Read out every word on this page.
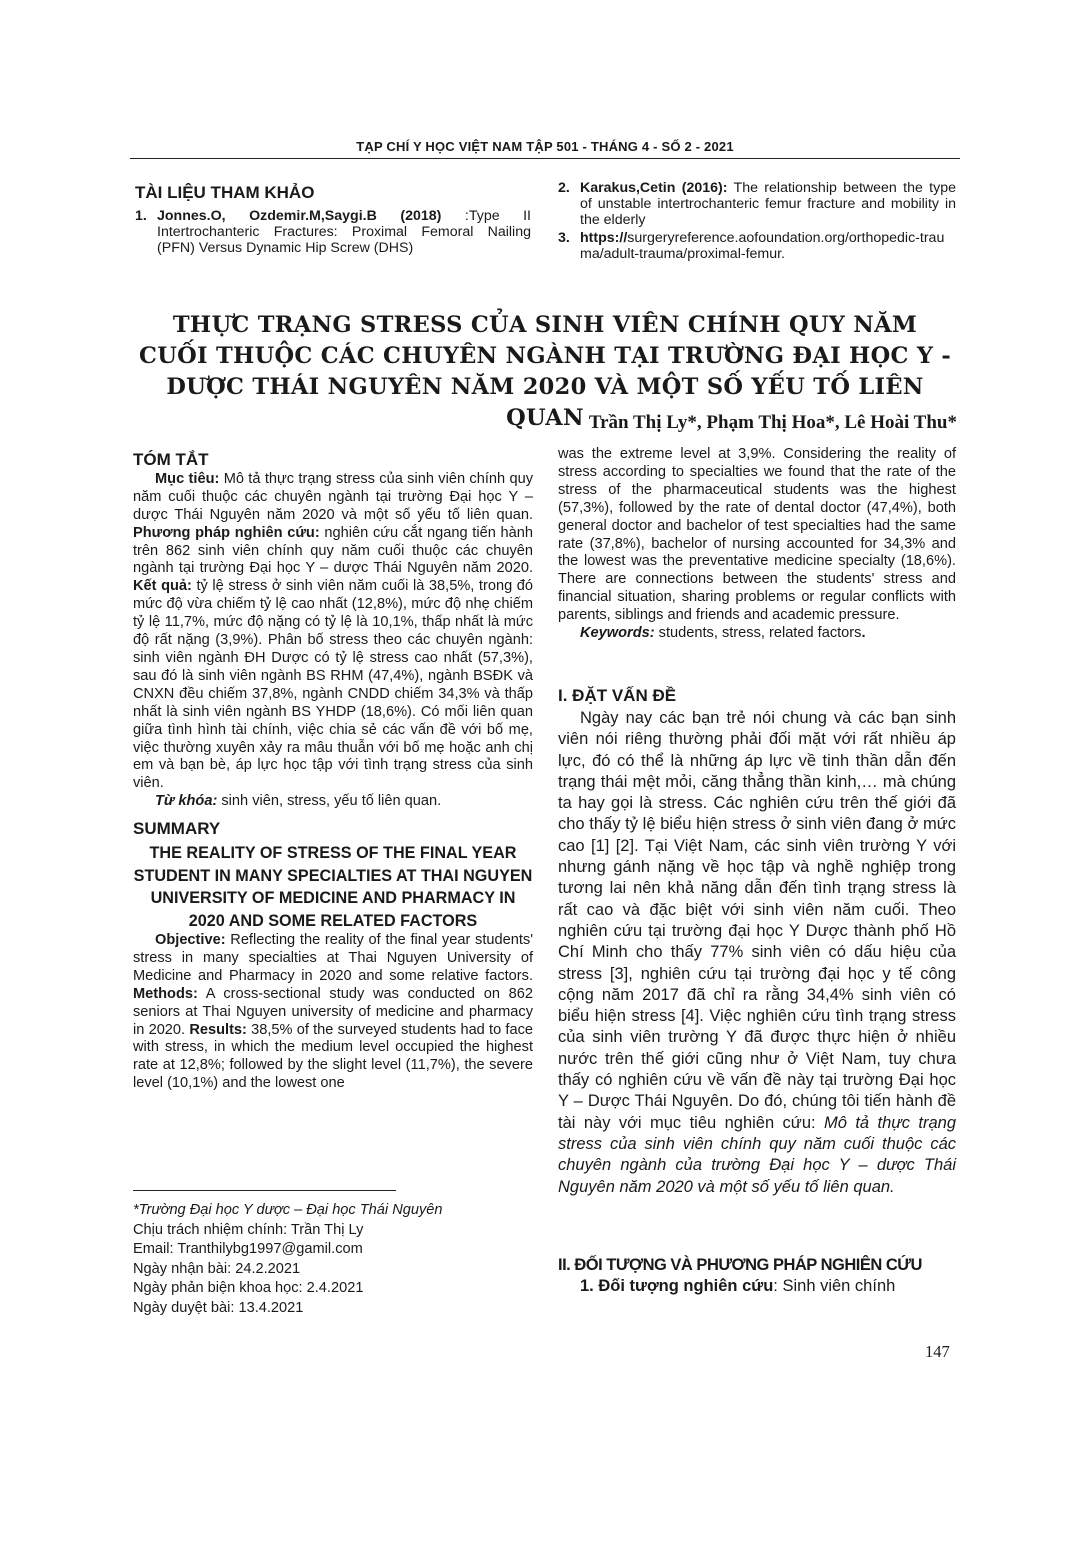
TẠP CHÍ Y HỌC VIỆT NAM TẬP 501 - THÁNG 4 - SỐ 2 - 2021
TÀI LIỆU THAM KHẢO
1. Jonnes.O, Ozdemir.M,Saygi.B (2018) :Type II Intertrochanteric Fractures: Proximal Femoral Nailing (PFN) Versus Dynamic Hip Screw (DHS)
2. Karakus,Cetin (2016): The relationship between the type of unstable intertrochanteric femur fracture and mobility in the elderly
3. https://surgeryreference.aofoundation.org/orthopedic-trauma/adult-trauma/proximal-femur.
THỰC TRẠNG STRESS CỦA SINH VIÊN CHÍNH QUY NĂM CUỐI THUỘC CÁC CHUYÊN NGÀNH TẠI TRƯỜNG ĐẠI HỌC Y - DƯỢC THÁI NGUYÊN NĂM 2020 VÀ MỘT SỐ YẾU TỐ LIÊN QUAN Trần Thị Ly*, Phạm Thị Hoa*, Lê Hoài Thu*
TÓM TẮT

Mục tiêu: Mô tả thực trạng stress của sinh viên chính quy năm cuối thuộc các chuyên ngành tại trường Đại học Y – dược Thái Nguyên năm 2020 và một số yếu tố liên quan. Phương pháp nghiên cứu: nghiên cứu cắt ngang tiến hành trên 862 sinh viên chính quy năm cuối thuộc các chuyên ngành tại trường Đại học Y – dược Thái Nguyên năm 2020. Kết quả: tỷ lệ stress ở sinh viên năm cuối là 38,5%, trong đó mức độ vừa chiếm tỷ lệ cao nhất (12,8%), mức độ nhẹ chiếm tỷ lệ 11,7%, mức độ nặng có tỷ lệ là 10,1%, thấp nhất là mức độ rất nặng (3,9%). Phân bố stress theo các chuyên ngành: sinh viên ngành ĐH Dược có tỷ lệ stress cao nhất (57,3%), sau đó là sinh viên ngành BS RHM (47,4%), ngành BSĐK và CNXN đều chiếm 37,8%, ngành CNDD chiếm 34,3% và thấp nhất là sinh viên ngành BS YHDP (18,6%). Có mối liên quan giữa tình hình tài chính, việc chia sẻ các vấn đề với bố mẹ, việc thường xuyên xảy ra mâu thuẫn với bố mẹ hoặc anh chị em và bạn bè, áp lực học tập với tình trạng stress của sinh viên.

Từ khóa: sinh viên, stress, yếu tố liên quan.

SUMMARY
THE REALITY OF STRESS OF THE FINAL YEAR STUDENT IN MANY SPECIALTIES AT THAI NGUYEN UNIVERSITY OF MEDICINE AND PHARMACY IN 2020 AND SOME RELATED FACTORS

Objective: Reflecting the reality of the final year students' stress in many specialties at Thai Nguyen University of Medicine and Pharmacy in 2020 and some relative factors. Methods: A cross-sectional study was conducted on 862 seniors at Thai Nguyen university of medicine and pharmacy in 2020. Results: 38,5% of the surveyed students had to face with stress, in which the medium level occupied the highest rate at 12,8%; followed by the slight level (11,7%), the severe level (10,1%) and the lowest one

was the extreme level at 3,9%. Considering the reality of stress according to specialties we found that the rate of the stress of the pharmaceutical students was the highest (57,3%), followed by the rate of dental doctor (47,4%), both general doctor and bachelor of test specialties had the same rate (37,8%), bachelor of nursing accounted for 34,3% and the lowest was the preventative medicine specialty (18,6%). There are connections between the students' stress and financial situation, sharing problems or regular conflicts with parents, siblings and friends and academic pressure.

Keywords: students, stress, related factors.

I. ĐẶT VẤN ĐỀ

Ngày nay các bạn trẻ nói chung và các bạn sinh viên nói riêng thường phải đối mặt với rất nhiều áp lực, đó có thể là những áp lực về tinh thần dẫn đến trạng thái mệt mỏi, căng thẳng thần kinh,… mà chúng ta hay gọi là stress. Các nghiên cứu trên thế giới đã cho thấy tỷ lệ biểu hiện stress ở sinh viên đang ở mức cao [1] [2]. Tại Việt Nam, các sinh viên trường Y với nhưng gánh nặng về học tập và nghề nghiệp trong tương lai nên khả năng dẫn đến tình trạng stress là rất cao và đặc biệt với sinh viên năm cuối. Theo nghiên cứu tại trường đại học Y Dược thành phố Hồ Chí Minh cho thấy 77% sinh viên có dấu hiệu của stress [3], nghiên cứu tại trường đại học y tế công cộng năm 2017 đã chỉ ra rằng 34,4% sinh viên có biểu hiện stress [4]. Việc nghiên cứu tình trạng stress của sinh viên trường Y đã được thực hiện ở nhiều nước trên thế giới cũng như ở Việt Nam, tuy chưa thấy có nghiên cứu về vấn đề này tại trường Đại học Y – Dược Thái Nguyên. Do đó, chúng tôi tiến hành đề tài này với mục tiêu nghiên cứu: Mô tả thực trạng stress của sinh viên chính quy năm cuối thuộc các chuyên ngành của trường Đại học Y – dược Thái Nguyên năm 2020 và một số yếu tố liên quan.

II. ĐỐI TƯỢNG VÀ PHƯƠNG PHÁP NGHIÊN CỨU

1. Đối tượng nghiên cứu: Sinh viên chính

*Trường Đại học Y dược – Đại học Thái Nguyên
Chịu trách nhiệm chính: Trần Thị Ly
Email: Tranthilybg1997@gamil.com
Ngày nhận bài: 24.2.2021
Ngày phản biện khoa học: 2.4.2021
Ngày duyệt bài: 13.4.2021
147
